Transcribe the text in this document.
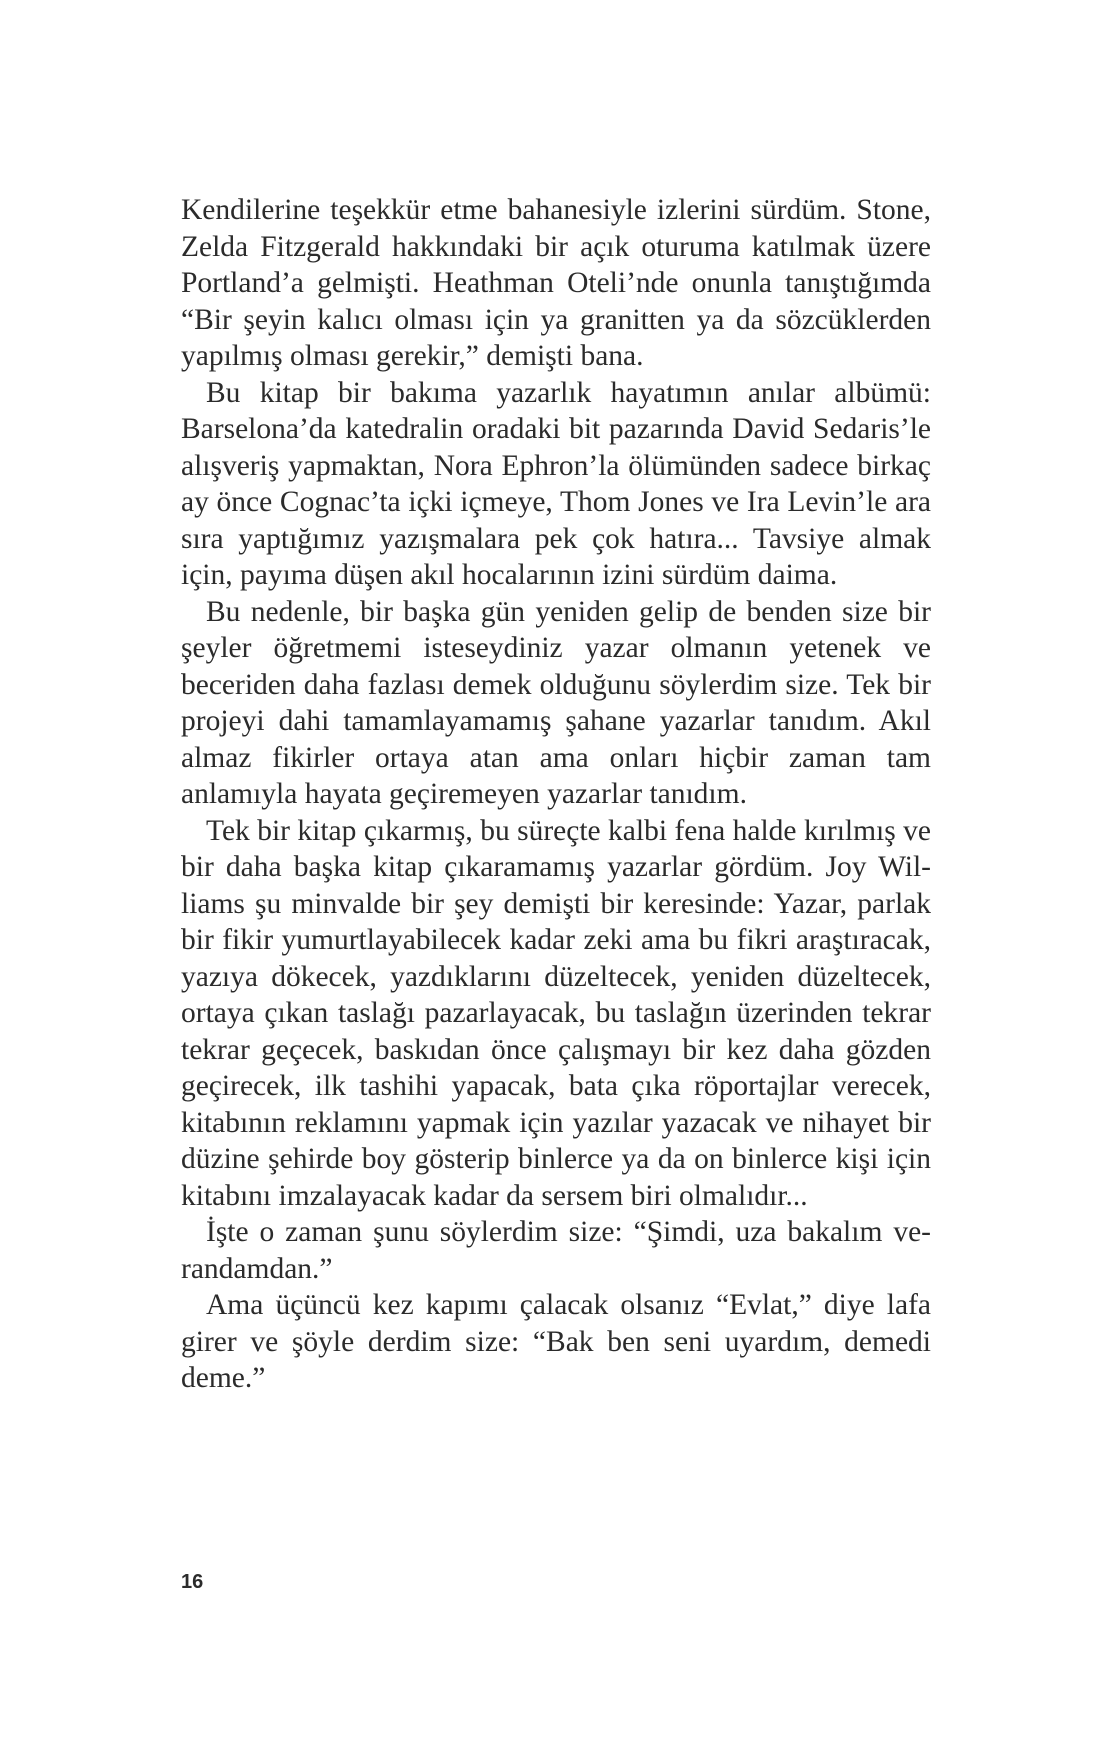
Kendilerine teşekkür etme bahanesiyle izlerini sürdüm. Stone, Zelda Fitzgerald hakkındaki bir açık oturuma katılmak üzere Portland’a gelmişti. Heathman Oteli’nde onunla tanıştığımda “Bir şeyin kalıcı olması için ya granitten ya da sözcüklerden yapılmış olması gerekir,” demişti bana.

Bu kitap bir bakıma yazarlık hayatımın anılar albümü: Barselona’da katedralin oradaki bit pazarında David Sedaris’le alışveriş yapmaktan, Nora Ephron’la ölümünden sadece birkaç ay önce Cognac’ta içki içmeye, Thom Jones ve Ira Levin’le ara sıra yaptığımız yazışmalara pek çok hatıra... Tavsiye almak için, payıma düşen akıl hocalarının izini sürdüm daima.

Bu nedenle, bir başka gün yeniden gelip de benden size bir şeyler öğretmemi isteseydiniz yazar olmanın yetenek ve beceriden daha fazlası demek olduğunu söylerdim size. Tek bir projeyi dahi tamamlayamamış şahane yazarlar tanıdım. Akıl almaz fikirler ortaya atan ama onları hiçbir zaman tam anlamıyla hayata geçiremeyen yazarlar tanıdım.

Tek bir kitap çıkarmış, bu süreçte kalbi fena halde kırılmış ve bir daha başka kitap çıkaramamış yazarlar gördüm. Joy Williams şu minvalde bir şey demişti bir keresinde: Yazar, parlak bir fikir yumurtlayabilecek kadar zeki ama bu fikri araştıracak, yazıya dökecek, yazdıklarını düzeltecek, yeniden düzeltecek, ortaya çıkan taslağı pazarlayacak, bu taslağın üzerinden tekrar tekrar geçecek, baskıdan önce çalışmayı bir kez daha gözden geçirecek, ilk tashihi yapacak, bata çıka röportajlar verecek, kitabının reklamını yapmak için yazılar yazacak ve nihayet bir düzine şehirde boy gösterip binlerce ya da on binlerce kişi için kitabını imzalayacak kadar da sersem biri olmalıdır...

İşte o zaman şunu söylerdim size: “Şimdi, uza bakalım verandamdan.”

Ama üçüncü kez kapımı çalacak olsanız “Evlat,” diye lafa girer ve şöyle derdim size: “Bak ben seni uyardım, demedi deme.”

16
